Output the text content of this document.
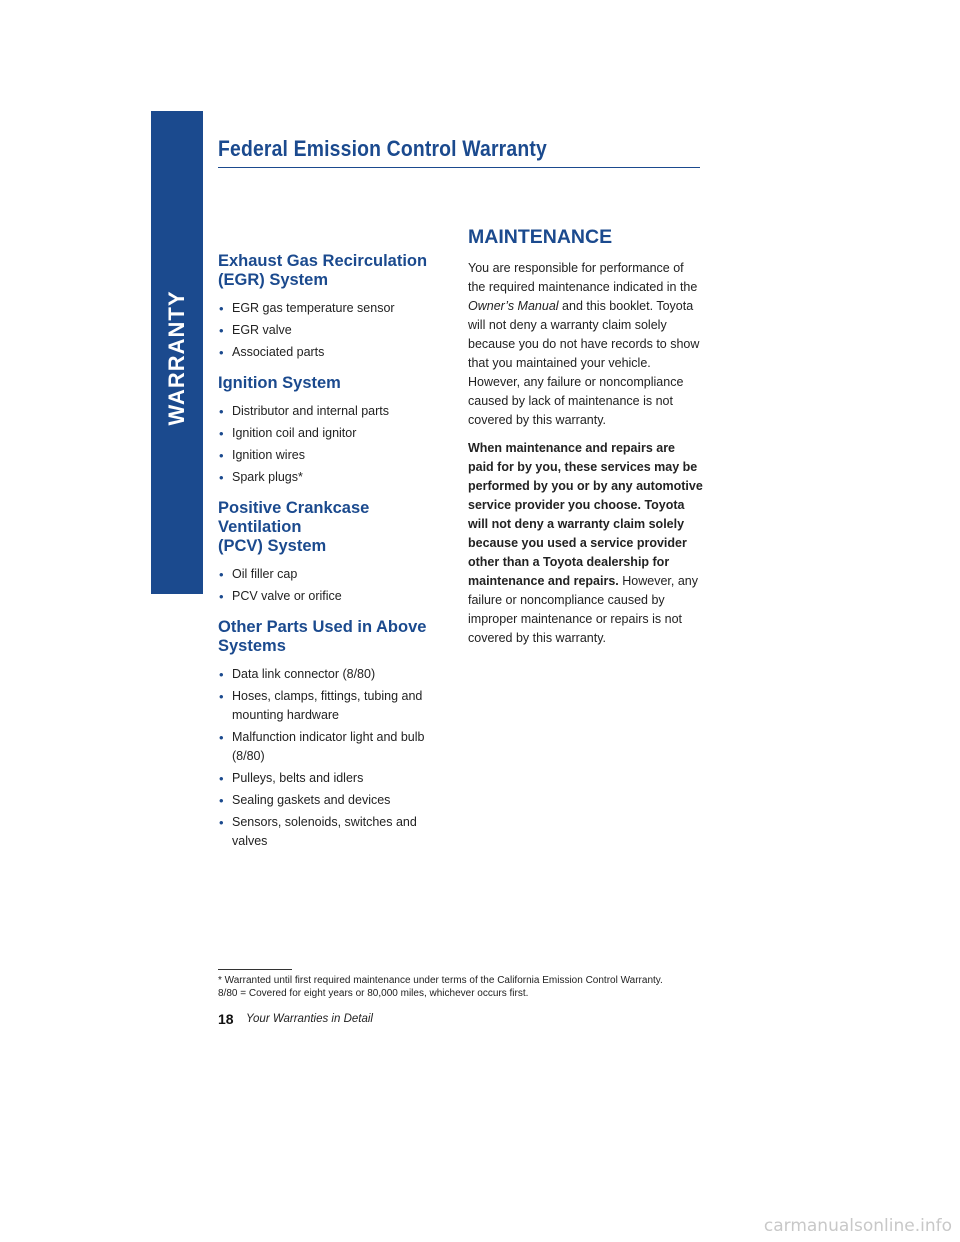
WARRANTY
Federal Emission Control Warranty
Exhaust Gas Recirculation
(EGR) System
• EGR gas temperature sensor
• EGR valve
• Associated parts
Ignition System
• Distributor and internal parts
• Ignition coil and ignitor
• Ignition wires
• Spark plugs*
Positive Crankcase Ventilation
(PCV) System
• Oil filler cap
• PCV valve or orifice
Other Parts Used in Above
Systems
• Data link connector (8/80)
• Hoses, clamps, fittings, tubing and mounting hardware
• Malfunction indicator light and bulb (8/80)
• Pulleys, belts and idlers
• Sealing gaskets and devices
• Sensors, solenoids, switches and valves
MAINTENANCE

You are responsible for performance of the required maintenance indicated in the Owner’s Manual and this booklet. Toyota will not deny a warranty claim solely because you do not have records to show that you maintained your vehicle. However, any failure or noncompliance caused by lack of maintenance is not covered by this warranty.

When maintenance and repairs are paid for by you, these services may be performed by you or by any automotive service provider you choose. Toyota will not deny a warranty claim solely because you used a service provider other than a Toyota dealership for maintenance and repairs. However, any failure or noncompliance caused by improper maintenance or repairs is not covered by this warranty.

* Warranted until first required maintenance under terms of the California Emission Control Warranty.

8/80 = Covered for eight years or 80,000 miles, whichever occurs first.

18 Your Warranties in Detail
carmanualsonline.info
